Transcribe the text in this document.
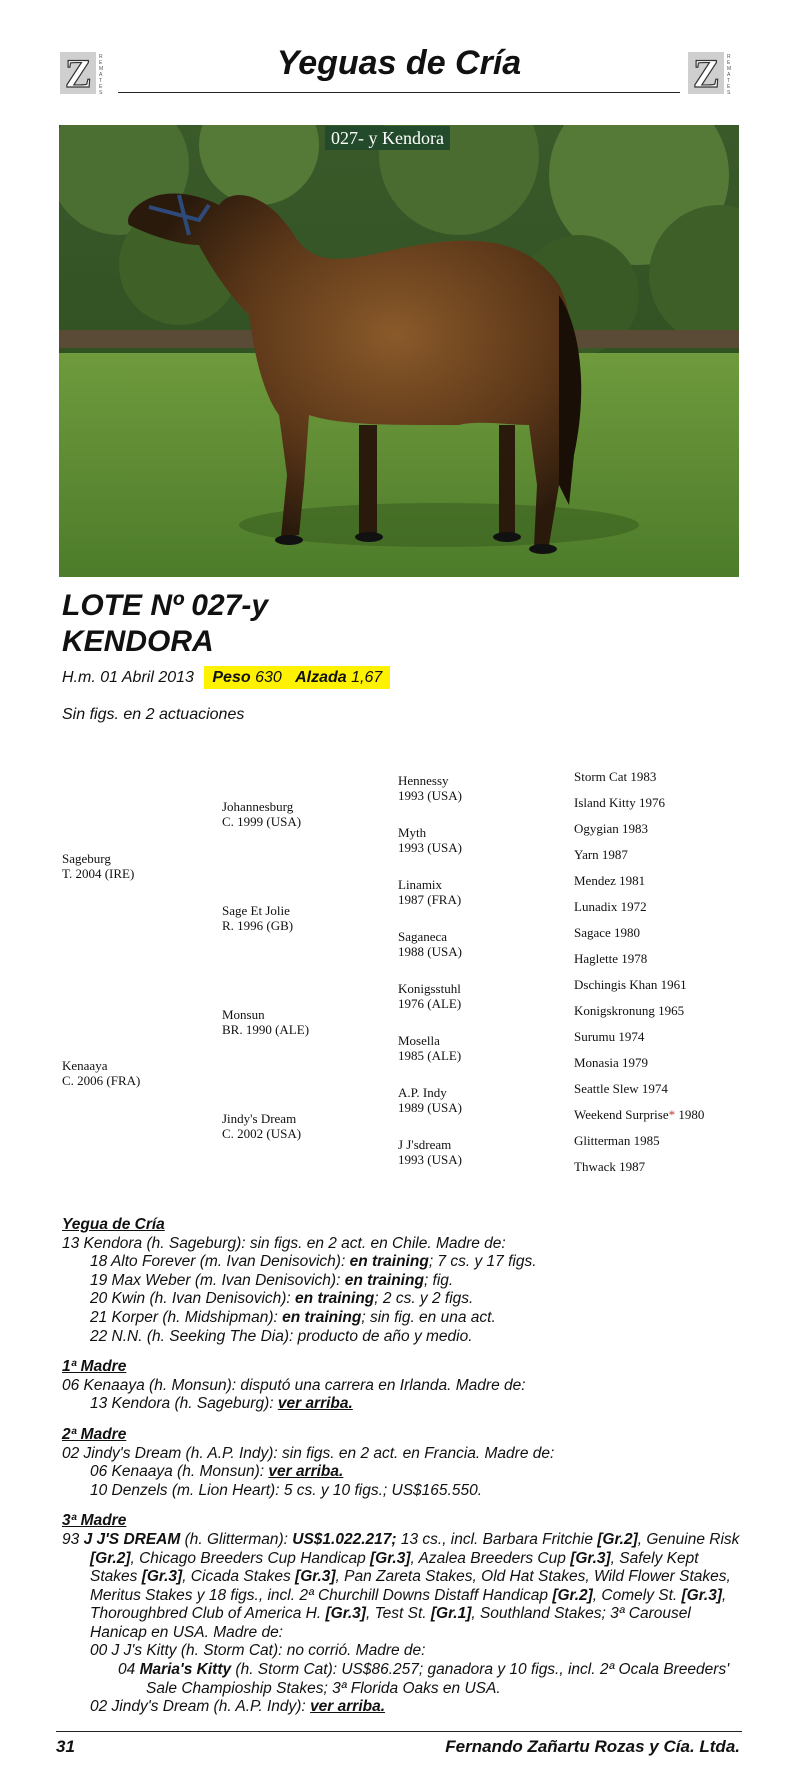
Z REMATES
Yeguas de Cría	Z REMATES
027- y Kendora
LOTE Nº 027-y
KENDORA
H.m. 01 Abril 2013 Peso 630 Alzada 1,67
Sin figs. en 2 actuaciones
Sageburg
T. 2004 (IRE)
Kenaaya
C. 2006 (FRA)
Johannesburg
C. 1999 (USA)
Sage Et Jolie
R. 1996 (GB)
Monsun
BR. 1990 (ALE)
Jindy's Dream
C. 2002 (USA)
Hennessy
1993 (USA)
Myth
1993 (USA)
Linamix
1987 (FRA)
Saganeca
1988 (USA)
Konigsstuhl
1976 (ALE)
Mosella
1985 (ALE)
A.P. Indy
1989 (USA)
J J'sdream
1993 (USA)
Storm Cat 1983
Island Kitty 1976
Ogygian 1983
Yarn 1987
Mendez 1981
Lunadix 1972
Sagace 1980
Haglette 1978
Dschingis Khan 1961
Konigskronung 1965
Surumu 1974
Monasia 1979
Seattle Slew 1974
Weekend Surprise* 1980
Glitterman 1985
Thwack 1987
Yegua de Cría
13 Kendora (h. Sageburg): sin figs. en 2 act. en Chile. Madre de:
18 Alto Forever (m. Ivan Denisovich): en training; 7 cs. y 17 figs.
19 Max Weber (m. Ivan Denisovich): en training; fig.
20 Kwin (h. Ivan Denisovich): en training; 2 cs. y 2 figs.
21 Korper (h. Midshipman): en training; sin fig. en una act.
22 N.N. (h. Seeking The Dia): producto de año y medio.
1ª Madre
06 Kenaaya (h. Monsun): disputó una carrera en Irlanda. Madre de:
13 Kendora (h. Sageburg): ver arriba.
2ª Madre
02 Jindy's Dream (h. A.P. Indy): sin figs. en 2 act. en Francia. Madre de:
06 Kenaaya (h. Monsun): ver arriba.
10 Denzels (m. Lion Heart): 5 cs. y 10 figs.; US$165.550.
3ª Madre
93 J J'S DREAM (h. Glitterman): US$1.022.217; 13 cs., incl. Barbara Fritchie [Gr.2], Genuine Risk [Gr.2], Chicago Breeders Cup Handicap [Gr.3], Azalea Breeders Cup [Gr.3], Safely Kept Stakes [Gr.3], Cicada Stakes [Gr.3], Pan Zareta Stakes, Old Hat Stakes, Wild Flower Stakes, Meritus Stakes y 18 figs., incl. 2ª Churchill Downs Distaff Handicap [Gr.2], Comely St. [Gr.3], Thoroughbred Club of America H. [Gr.3], Test St. [Gr.1], Southland Stakes; 3ª Carousel Hanicap en USA. Madre de:
00 J J's Kitty (h. Storm Cat): no corrió. Madre de:
04 Maria's Kitty (h. Storm Cat): US$86.257; ganadora y 10 figs., incl. 2ª Ocala Breeders' Sale Champioship Stakes; 3ª Florida Oaks en USA.
02 Jindy's Dream (h. A.P. Indy): ver arriba.
31	Fernando Zañartu Rozas y Cía. Ltda.
